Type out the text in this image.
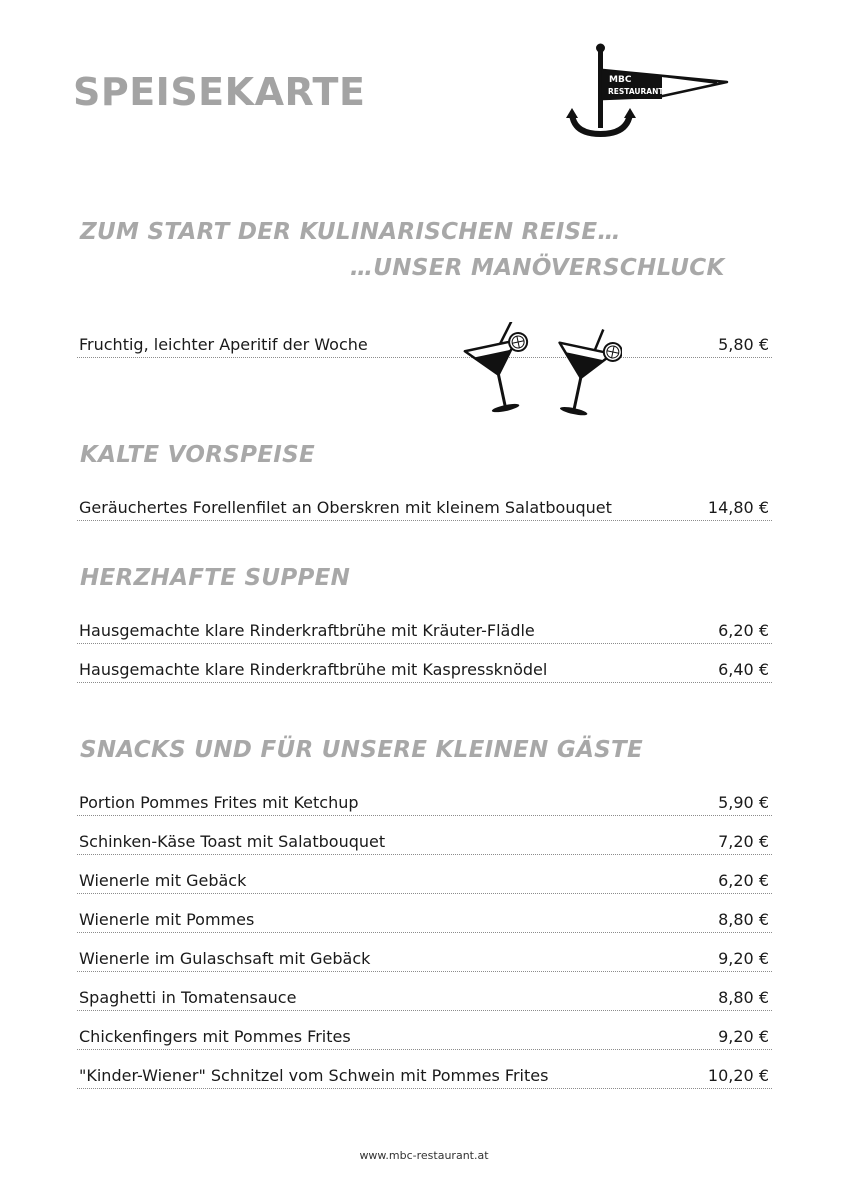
SPEISEKARTE	MBC
RESTAURANT
ZUM START DER KULINARISCHEN REISE…
…UNSER MANÖVERSCHLUCK
Fruchtig, leichter Aperitif der Woche	5,80 €
KALTE VORSPEISE
Geräuchertes Forellenfilet an Oberskren mit kleinem Salatbouquet	14,80 €
HERZHAFTE SUPPEN
Hausgemachte klare Rinderkraftbrühe mit Kräuter-Flädle	6,20 €
Hausgemachte klare Rinderkraftbrühe mit Kaspressknödel	6,40 €
SNACKS UND FÜR UNSERE KLEINEN GÄSTE
Portion Pommes Frites mit Ketchup	5,90 €
Schinken-Käse Toast mit Salatbouquet	7,20 €
Wienerle mit Gebäck	6,20 €
Wienerle mit Pommes	8,80 €
Wienerle im Gulaschsaft mit Gebäck	9,20 €
Spaghetti in Tomatensauce	8,80 €
Chickenfingers mit Pommes Frites	9,20 €
"Kinder-Wiener" Schnitzel vom Schwein mit Pommes Frites	10,20 €
www.mbc-restaurant.at
